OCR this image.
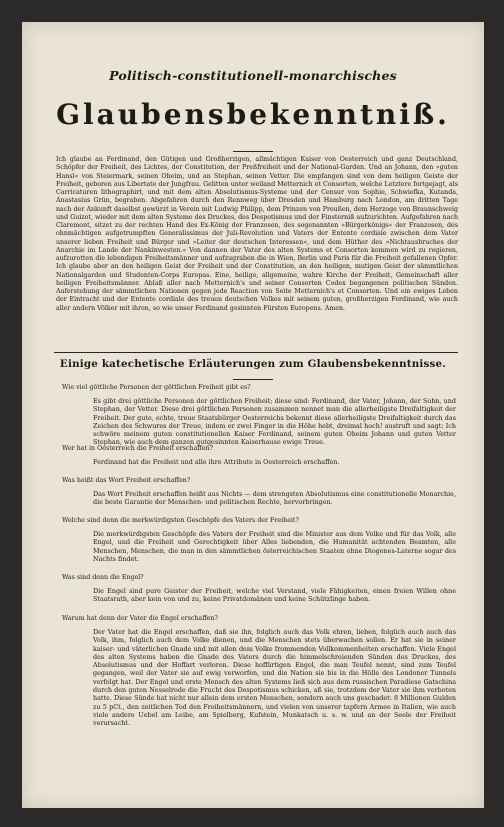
Politisch-constitutionell-monarchisches
Glaubensbekenntniß.

Ich glaube an Ferdinand, den Gütigen und Großherzigen, allmächtigen Kaiser von Oesterreich und ganz Deutschland, Schöpfer der Freiheit, des Lichtes, der Constitution, der Preßfreiheit und der National-Garden. Und an Johann, den »guten Hansl« von Steiermark, seinen Oheim, und an Stephan, seinen Vetter. Die empfangen sind von dem heiligen Geiste der Freiheit, geboren aus Libertate der Jungfrau. Gelitten unter weiland Metternich et Consorten, welche Letztere fortgejagt, als Carricaturen lithographirt, und mit dem alten Absolutismus-Systeme und der Censur von Sophie, Schwiefka, Kutanda, Anastasius Grün, begraben. Abgefahren durch den Rennweg über Dresden und Hamburg nach London, am dritten Tage nach der Ankunft daselbst gewürzt in Verein mit Ludwig Philipp, dem Prinzen von Preußen, dem Herzoge von Braunschweig und Guizot, wieder mit dem alten Systeme des Druckes, des Despotismus und der Finsterniß aufzurichten. Aufgefahren nach Claremont, sitzet zu der rechten Hand des Ex-König der Franzosen, des sogenannten »Bürgerkönigs« der Franzosen, des ohnmächtigen aufgetrumpften Generalissimus der Juli-Revolution und Vaters der Entente cordiale zwischen dem Vater unserer lieben Freiheit und Bürger und »Leiter der deutschen Interessen«, und dem Hüther des »Nichtausbruches der Anarchie im Lande der Nankinwesten.« Von dannen der Vater des alten Systems et Consorten kommen wird zu regieren, aufzurotten die lebendigen Freiheitsmänner und aufzugraben die in Wien, Berlin und Paris für die Freiheit gefallenen Opfer. Ich glaube aber an den heiligen Geist der Freiheit und der Constitution, an den heiligen, mutigen Geist der sämmtlichen Nationalgarden und Studenten-Corps Europas. Eine, heilige, allgemeine, wahre Kirche der Freiheit, Gemeinschaft aller heiligen Freiheitsmänner. Ablaß aller nach Metternich's und seiner Consorten Codex begangenen politischen Sünden. Auferstehung der sämmtlichen Nationen gegen jede Reaction von Seite Metternich's et Consorten. Und ein ewiges Leben der Eintracht und der Entente cordiale des treuen deutschen Volkes mit seinem guten, großherzigen Ferdinand, wie auch aller andern Völker mit ihren, so wie unser Ferdinand gesinnten Fürsten Europens. Amen.

Einige katechetische Erläuterungen zum Glaubensbekenntnisse.

Wie viel göttliche Personen der göttlichen Freiheit gibt es?

Es gibt drei göttliche Personen der göttlichen Freiheit; diese sind: Ferdinand, der Vater, Johann, der Sohn, und Stephan, der Vetter. Diese drei göttlichen Personen zusammen nennet man die allerheiligste Dreifaltigkeit der Freiheit. Der gute, echte, treue Staatsbürger Oesterreichs bekennt diese allerheiligste Dreifaltigkeit durch das Zeichen des Schwures der Treue, indem er zwei Finger in die Höhe hebt, dreimal hoch! austruft und sagt: Ich schwöre meinem guten constitutionellen Kaiser Ferdinand, seinem guten Oheim Johann und guten Vetter Stephan, wie auch dem ganzen gutgesinnten Kaiserhause ewige Treue.

Wer hat in Oesterreich die Freiheit erschaffen?

Ferdinand hat die Freiheit und alle ihre Attribute in Oesterreich erschaffen.

Was heißt das Wort Freiheit erschaffen?

Das Wort Freiheit erschaffen heißt aus Nichts — dem strengsten Absolutismus eine constitutionelle Monarchie, die beste Garantie der Menschen- und politischen Rechte, hervorbringen.

Welche sind denn die merkwürdigsten Geschöpfe des Vaters der Freiheit?

Die merkwürdigsten Geschöpfe des Vaters der Freiheit sind die Minister aus dem Volke und für das Volk, alle Engel, und die Freiheit und Gerechtigkeit über Alles liebenden, die Humanität achtenden Beamten, alle Menschen, Menschen, die man in den sämmtlichen österreichischen Staaten ohne Diogenes-Laterne sogar des Nachts findet.

Was sind denn die Engel?

Die Engel sind pure Geister der Freiheit, welche viel Verstand, viele Fähigkeiten, einen freien Willen ohne Staatsrath, aber kein von und zu, keine Privatdomänen und keine Schützlinge haben.

Warum hat denn der Vater die Engel erschaffen?

Der Vater hat die Engel erschaffen, daß sie ihn, folglich auch das Volk ehren, lieben, folglich auch auch das Volk, ihm, folglich auch dem Volke dienen, und die Menschen stets überwachen sollen. Er hat sie in seiner kaiser- und väterlichen Gnade und mit allen dem Volke frommenden Vollkommenheiten erschaffen. Viele Engel des alten Systems haben die Gnade des Vaters durch die himmelschreienden Sünden des Druckes, des Absolutismus und der Hoffart verloren. Diese hoffärtigen Engel, die man Teufel nennt, sind zum Teufel gegangen, weil der Vater sie auf ewig verworfen, und die Nation sie bis in die Hölle des Londoner Tunnels verfolgt hat. Der Engel und erste Mensch des alten Systems ließ sich aus dem russischen Paradiese Gatschina durch den guten Nesselrode die Frucht des Despotismus schicken, aß sie, trotzdem der Vater sie ihm verboten hatte. Diese Sünde hat nicht nur allein dem ersten Menschen, sondern auch uns geschadet: 8 Millionen Gulden zu 5 pCt., den zeitlichen Tod den Freiheitsmännern, und vielen von unserer tapfern Armee in Italien, wie auch viele andere Uebel am Leibe, am Spielberg, Kufstein, Munkatsch u. s. w. und an der Seele der Freiheit verursacht.
